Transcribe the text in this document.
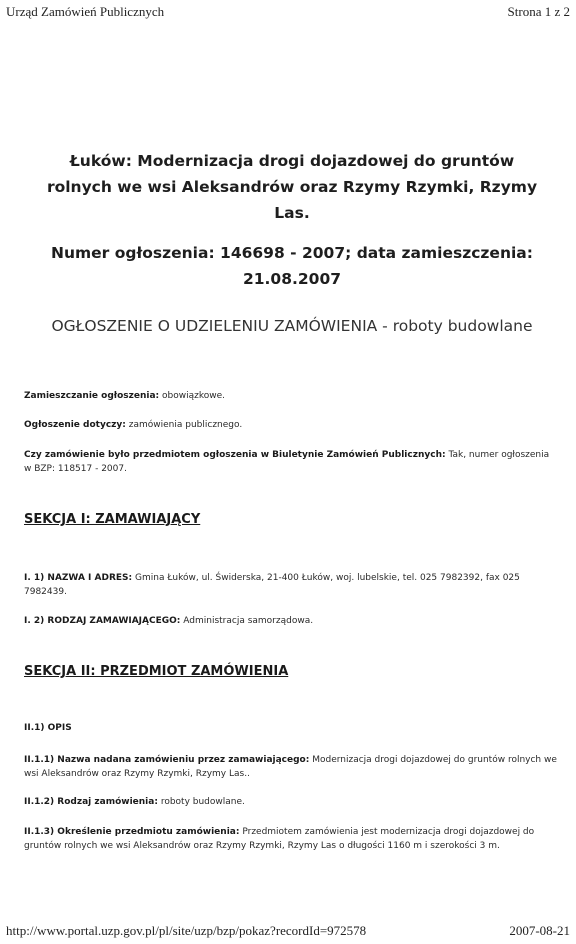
Urząd Zamówień Publicznych	Strona 1 z 2
Łuków: Modernizacja drogi dojazdowej do gruntów
rolnych we wsi Aleksandrów oraz Rzymy Rzymki, Rzymy
Las.
Numer ogłoszenia: 146698 - 2007; data zamieszczenia:
21.08.2007
OGŁOSZENIE O UDZIELENIU ZAMÓWIENIA - roboty budowlane
Zamieszczanie ogłoszenia: obowiązkowe.
Ogłoszenie dotyczy: zamówienia publicznego.
Czy zamówienie było przedmiotem ogłoszenia w Biuletynie Zamówień Publicznych: Tak, numer ogłoszenia w BZP: 118517 - 2007.
SEKCJA I: ZAMAWIAJĄCY
I. 1) NAZWA I ADRES: Gmina Łuków, ul. Świderska, 21-400 Łuków, woj. lubelskie, tel. 025 7982392, fax 025 7982439.
I. 2) RODZAJ ZAMAWIAJĄCEGO: Administracja samorządowa.
SEKCJA II: PRZEDMIOT ZAMÓWIENIA
II.1) OPIS
II.1.1) Nazwa nadana zamówieniu przez zamawiającego: Modernizacja drogi dojazdowej do gruntów rolnych we wsi Aleksandrów oraz Rzymy Rzymki, Rzymy Las..
II.1.2) Rodzaj zamówienia: roboty budowlane.
II.1.3) Określenie przedmiotu zamówienia: Przedmiotem zamówienia jest modernizacja drogi dojazdowej do gruntów rolnych we wsi Aleksandrów oraz Rzymy Rzymki, Rzymy Las o długości 1160 m i szerokości 3 m.
http://www.portal.uzp.gov.pl/pl/site/uzp/bzp/pokaz?recordId=972578	2007-08-21
